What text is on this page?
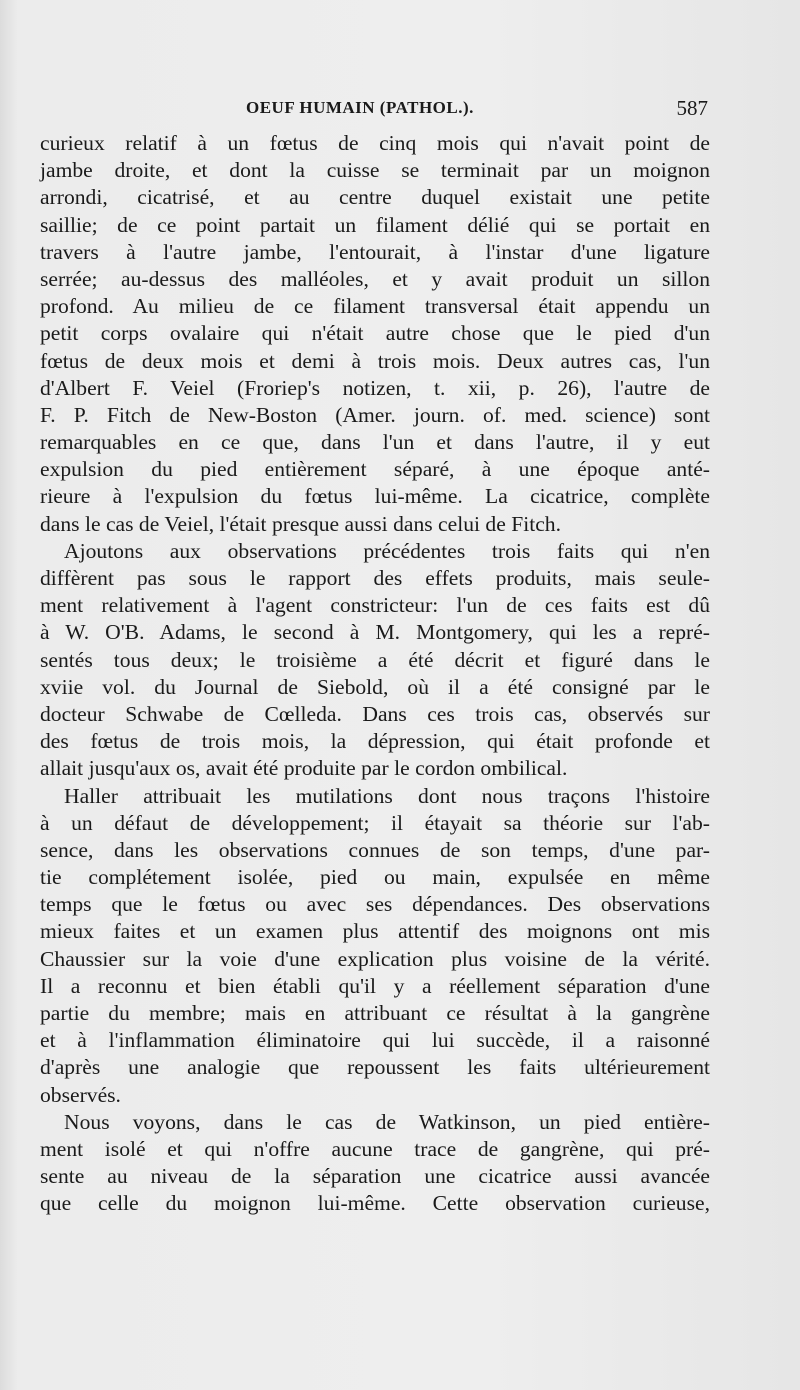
OEUF HUMAIN (PATHOL.).	587
curieux relatif à un fœtus de cinq mois qui n'avait point de
jambe droite, et dont la cuisse se terminait par un moignon
arrondi, cicatrisé, et au centre duquel existait une petite
saillie; de ce point partait un filament délié qui se portait en
travers à l'autre jambe, l'entourait, à l'instar d'une ligature
serrée; au-dessus des malléoles, et y avait produit un sillon
profond. Au milieu de ce filament transversal était appendu un
petit corps ovalaire qui n'était autre chose que le pied d'un
fœtus de deux mois et demi à trois mois. Deux autres cas, l'un
d'Albert F. Veiel (Froriep's notizen, t. xii, p. 26), l'autre de
F. P. Fitch de New-Boston (Amer. journ. of. med. science) sont
remarquables en ce que, dans l'un et dans l'autre, il y eut
expulsion du pied entièrement séparé, à une époque anté-
rieure à l'expulsion du fœtus lui-même. La cicatrice, complète
dans le cas de Veiel, l'était presque aussi dans celui de Fitch.
Ajoutons aux observations précédentes trois faits qui n'en
diffèrent pas sous le rapport des effets produits, mais seule-
ment relativement à l'agent constricteur: l'un de ces faits est dû
à W. O'B. Adams, le second à M. Montgomery, qui les a repré-
sentés tous deux; le troisième a été décrit et figuré dans le
xviie vol. du Journal de Siebold, où il a été consigné par le
docteur Schwabe de Cœlleda. Dans ces trois cas, observés sur
des fœtus de trois mois, la dépression, qui était profonde et
allait jusqu'aux os, avait été produite par le cordon ombilical.
Haller attribuait les mutilations dont nous traçons l'histoire
à un défaut de développement; il étayait sa théorie sur l'ab-
sence, dans les observations connues de son temps, d'une par-
tie complétement isolée, pied ou main, expulsée en même
temps que le fœtus ou avec ses dépendances. Des observations
mieux faites et un examen plus attentif des moignons ont mis
Chaussier sur la voie d'une explication plus voisine de la vérité.
Il a reconnu et bien établi qu'il y a réellement séparation d'une
partie du membre; mais en attribuant ce résultat à la gangrène
et à l'inflammation éliminatoire qui lui succède, il a raisonné
d'après une analogie que repoussent les faits ultérieurement
observés.
Nous voyons, dans le cas de Watkinson, un pied entière-
ment isolé et qui n'offre aucune trace de gangrène, qui pré-
sente au niveau de la séparation une cicatrice aussi avancée
que celle du moignon lui-même. Cette observation curieuse,
